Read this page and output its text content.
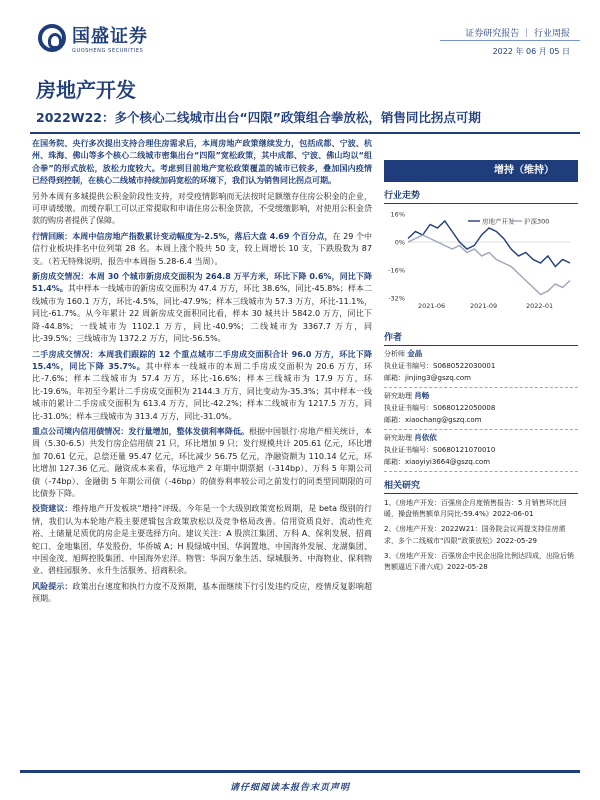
国盛证券
GUOSHENG SECURITIES
证券研究报告 ｜ 行业周报
2022 年 06 月 05 日
房地产开发
2022W22：多个核心二线城市出台“四限”政策组合拳放松，销售同比拐点可期
在国务院、央行多次提出支持合理住房需求后，本周房地产政策继续发力，包括成都、宁波、杭州、珠海、佛山等多个核心二线城市密集出台“四限”宽松政策，其中成都、宁波、佛山均以“组合拳”的形式放松，放松力度较大。考虑到目前地产宽松政策覆盖的城市已较多，叠加国内疫情已经得到控制，在核心二线城市持续加码宽松的环境下，我们认为销售同比拐点可期。
另外本周有多城提供公积金阶段性支持，对受疫情影响而无法按时足额缴存住房公积金的企业，可申请缓缴。而缓存职工可以正常提取和申请住房公积金贷款，不受缓缴影响，对使用公积金贷款的购房者提供了保障。
行情回顾：本周中信房地产指数累计变动幅度为-2.5%，落后大盘 4.69 个百分点，在 29 个中信行业板块排名中位列第 28 名。本周上涨个股共 50 支，较上周增长 10 支，下跌股数为 87 支。（若无特殊说明，报告中本周指 5.28-6.4 当周）。
新房成交情况：本周 30 个城市新房成交面积为 264.8 万平方米，环比下降 0.6%，同比下降 51.4%。其中样本一线城市的新房成交面积为 47.4 万方，环比 38.6%，同比-45.8%；样本二线城市为 160.1 万方，环比-4.5%，同比-47.9%；样本三线城市为 57.3 万方，环比-11.1%，同比-61.7%。从今年累计 22 周新房成交面积同比看，样本 30 城共计 5842.0 万方，同比下降-44.8%；一线城市为 1102.1 万方，同比-40.9%；二线城市为 3367.7 万方，同比-39.5%；三线城市为 1372.2 万方，同比-56.5%。
二手房成交情况：本周我们跟踪的 12 个重点城市二手房成交面积合计 96.0 万方，环比下降 15.4%，同比下降 35.7%。其中样本一线城市的本周二手房成交面积为 20.6 万方，环比-7.6%；样本二线城市为 57.4 万方，环比-16.6%；样本三线城市为 17.9 万方，环比-19.6%。年初至今累计二手房成交面积为 2144.3 万方，同比变动为-35.3%；其中样本一线城市的累计二手房成交面积为 613.4 万方，同比-42.2%；样本二线城市为 1217.5 万方，同比-31.0%；样本三线城市为 313.4 万方，同比-31.0%。
重点公司境内信用债情况：发行量增加，整体发债利率降低。根据中国银行·房地产相关统计，本周（5.30-6.5）共发行房企信用债 21 只，环比增加 9 只；发行规模共计 205.61 亿元，环比增加 70.61 亿元，总偿还量 95.47 亿元，环比减少 56.75 亿元，净融资额为 110.14 亿元，环比增加 127.36 亿元。融资成本来看，华远地产 2 年期中期票据（-314bp）、万科 5 年期公司债（-74bp）、金融街 5 年期公司债（-46bp）的债券利率较公司之前发行的同类型同期限的可比债券下降。
投资建议：维持地产开发板块“增持”评级。今年是一个大级别政策宽松周期，是 beta 级别的行情，我们认为本轮地产股主要逻辑包含政策放松以及竞争格局改善。信用资质良好、流动性充裕、土储量足质优的房企是主要选择方向。建议关注：A 股滨江集团、万科 A、保利发展、招商蛇口、金地集团、华发股份、华侨城 A；H 股绿城中国、华润置地、中国海外发展、龙湖集团、中国金茂、旭辉控股集团、中国海外宏洋。物管：华润万象生活、绿城服务、中海物业、保利物业、碧桂园服务、永升生活服务、招商积余。
风险提示：政策出台速度和执行力度不及预期，基本面继续下行引发违约反应，疫情反复影响超预期。
增持（维持）
行业走势
16%
0%
-16%
-32%
2021-06	2021-09	2022-01
房地产开发 沪深300
作者
分析师 金晶
执业证书编号：S0680522030001
邮箱：jinjing3@gszq.com
研究助理 肖畅
执业证书编号：S0680122050008
邮箱：xiaochang@gszq.com
研究助理 肖依依
执业证书编号：S0680121070010
邮箱：xiaoyiyi3664@gszq.com
相关研究
1、《房地产开发：百强房企月度销售报告：5 月销售环比回暖，操盘销售额单月同比-59.4%》2022-06-01
2、《房地产开发：2022W21：国务院会议再提支持住房需求，多个二线城市“四限”政策放松》2022-05-29
3、《房地产开发：百强房企中民企出险比例达四成，出险后销售额逼近下滑六成》2022-05-28
请仔细阅读本报告末页声明
